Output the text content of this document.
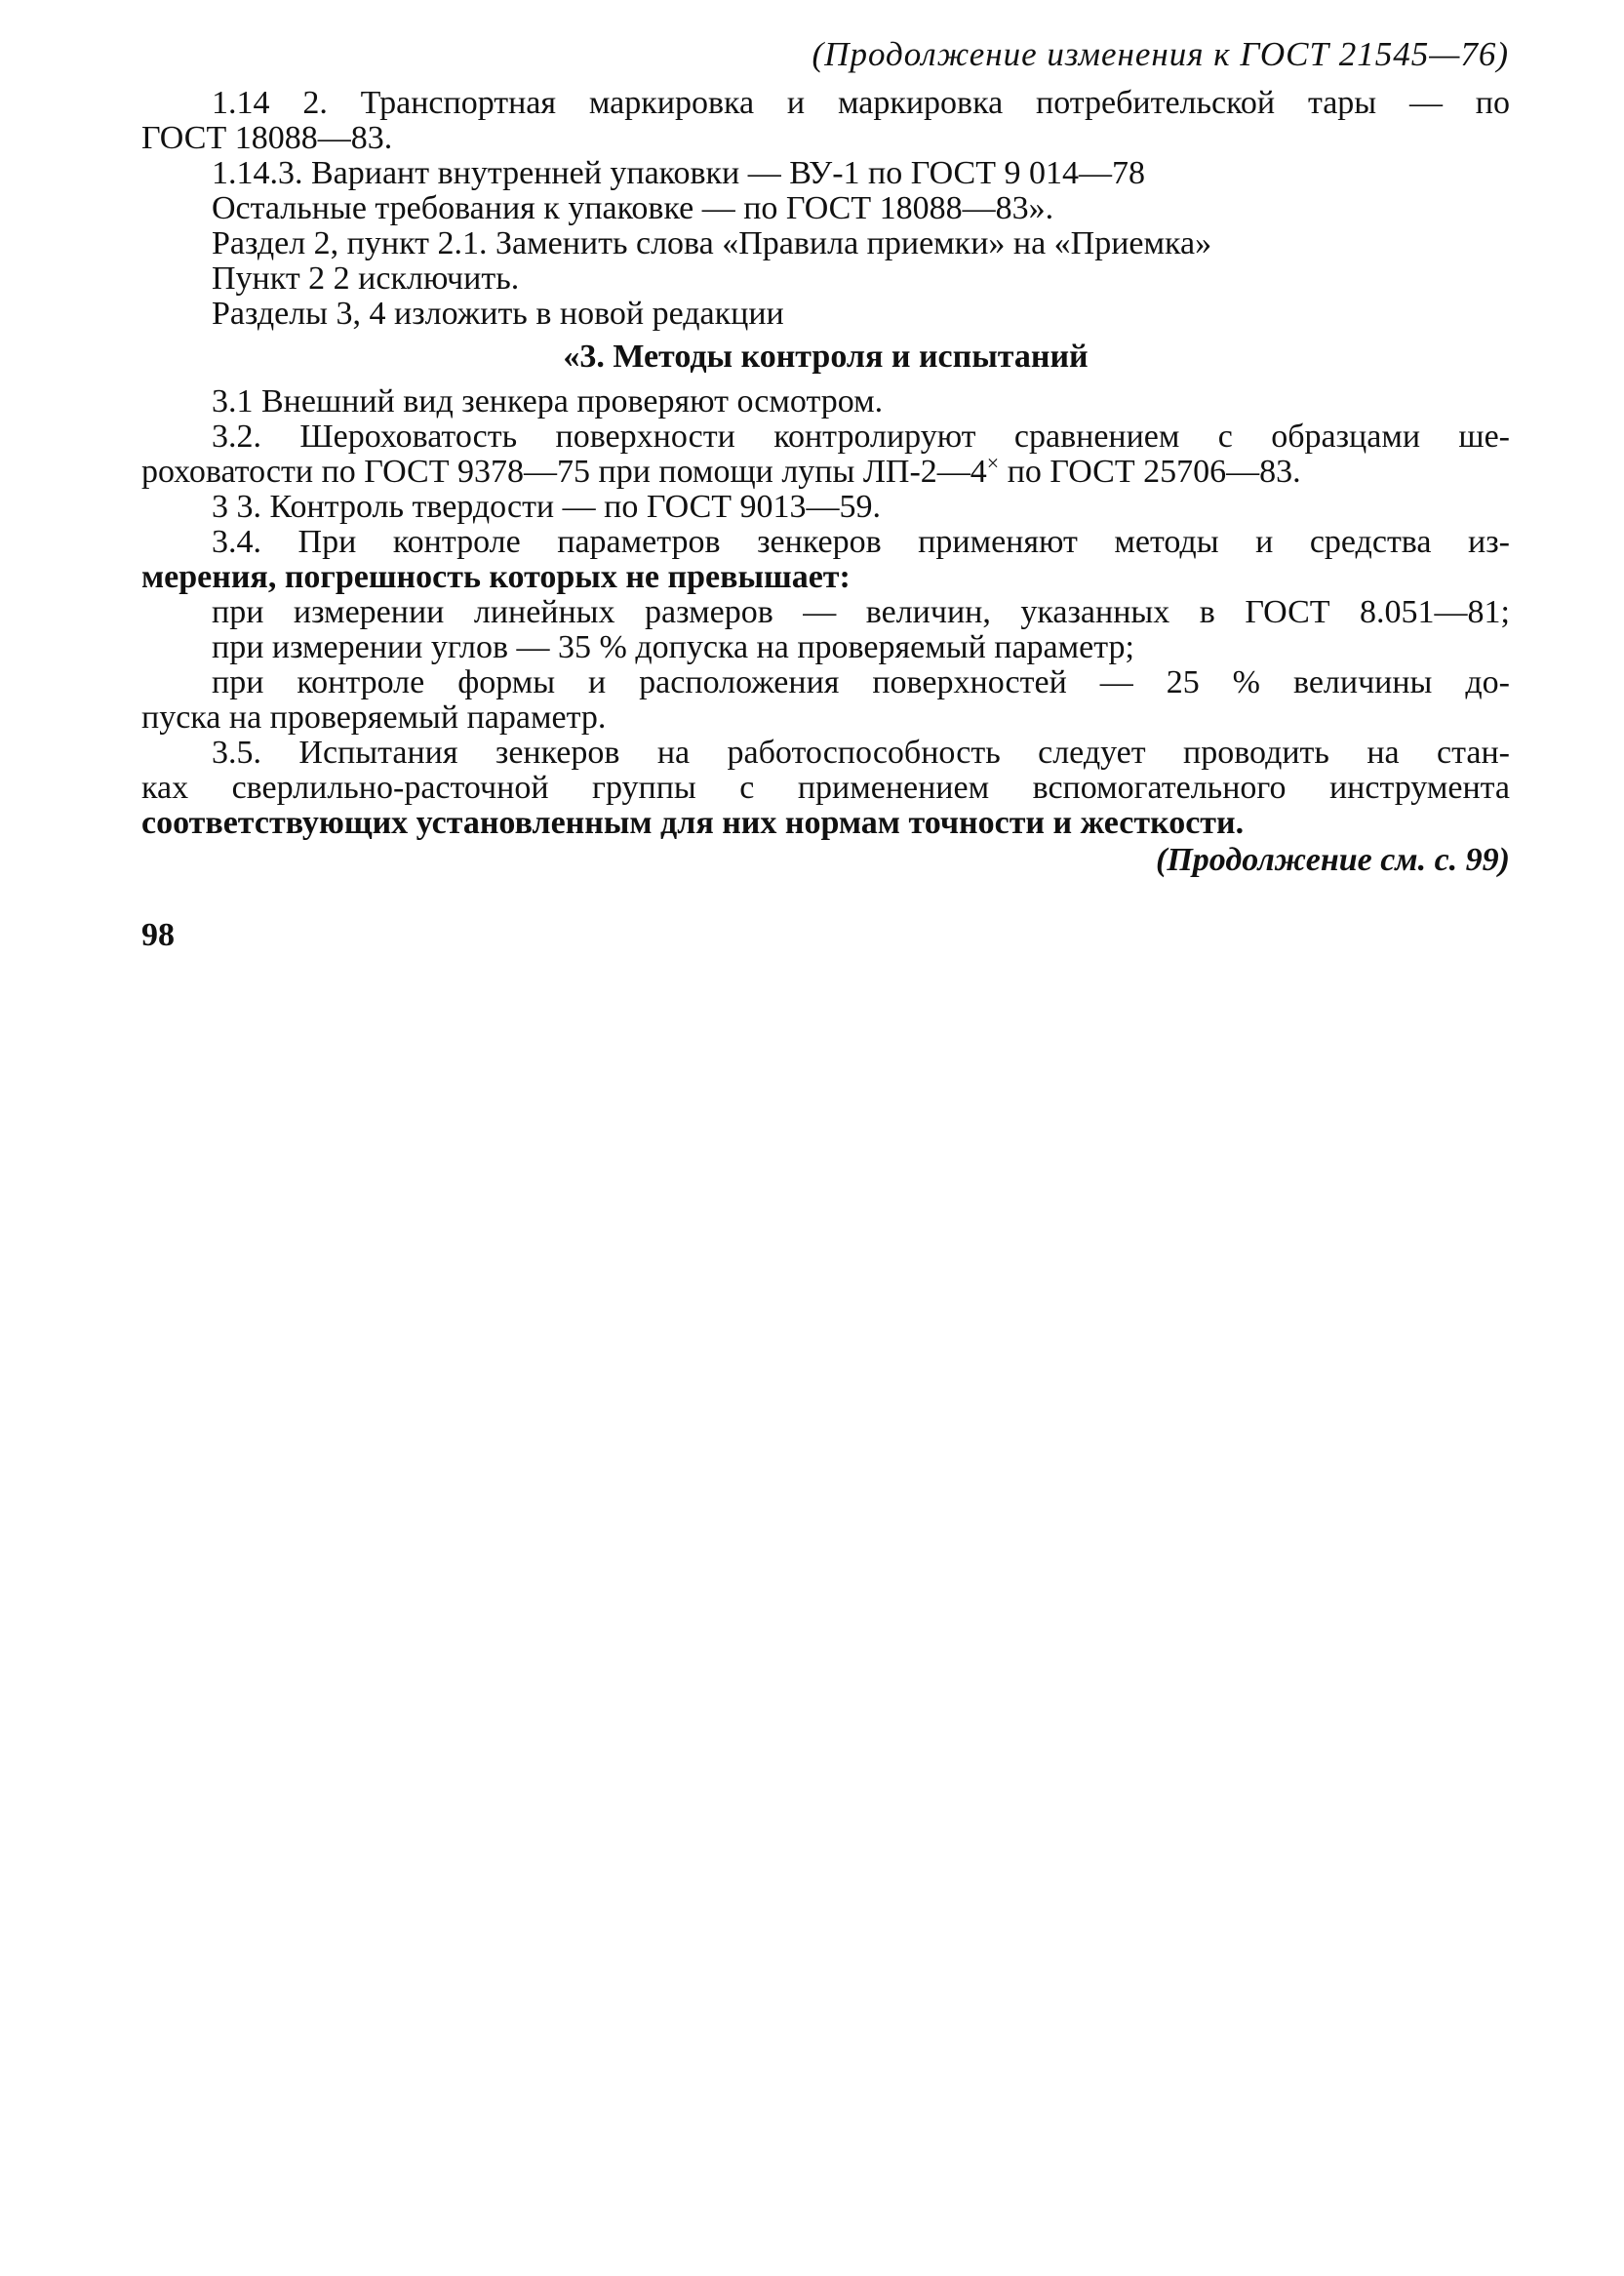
(Продолжение изменения к ГОСТ 21545—76)
1.14 2. Транспортная маркировка и маркировка потребительской тары — по
ГОСТ 18088—83.
1.14.3. Вариант внутренней упаковки — ВУ-1 по ГОСТ 9 014—78
Остальные требования к упаковке — по ГОСТ 18088—83».
Раздел 2, пункт 2.1. Заменить слова «Правила приемки» на «Приемка»
Пункт 2 2 исключить.
Разделы 3, 4 изложить в новой редакции
«3. Методы контроля и испытаний
3.1 Внешний вид зенкера проверяют осмотром.
3.2. Шероховатость поверхности контролируют сравнением с образцами ше-
роховатости по ГОСТ 9378—75 при помощи лупы ЛП-2—4× по ГОСТ 25706—83.
3 3. Контроль твердости — по ГОСТ 9013—59.
3.4. При контроле параметров зенкеров применяют методы и средства из-
мерения, погрешность которых не превышает:
при измерении линейных размеров — величин, указанных в ГОСТ 8.051—81;
при измерении углов — 35 % допуска на проверяемый параметр;
при контроле формы и расположения поверхностей — 25 % величины до-
пуска на проверяемый параметр.
3.5. Испытания зенкеров на работоспособность следует проводить на стан-
ках сверлильно-расточной группы с применением вспомогательного инструмента
соответствующих установленным для них нормам точности и жесткости.
(Продолжение см. с. 99)
98
